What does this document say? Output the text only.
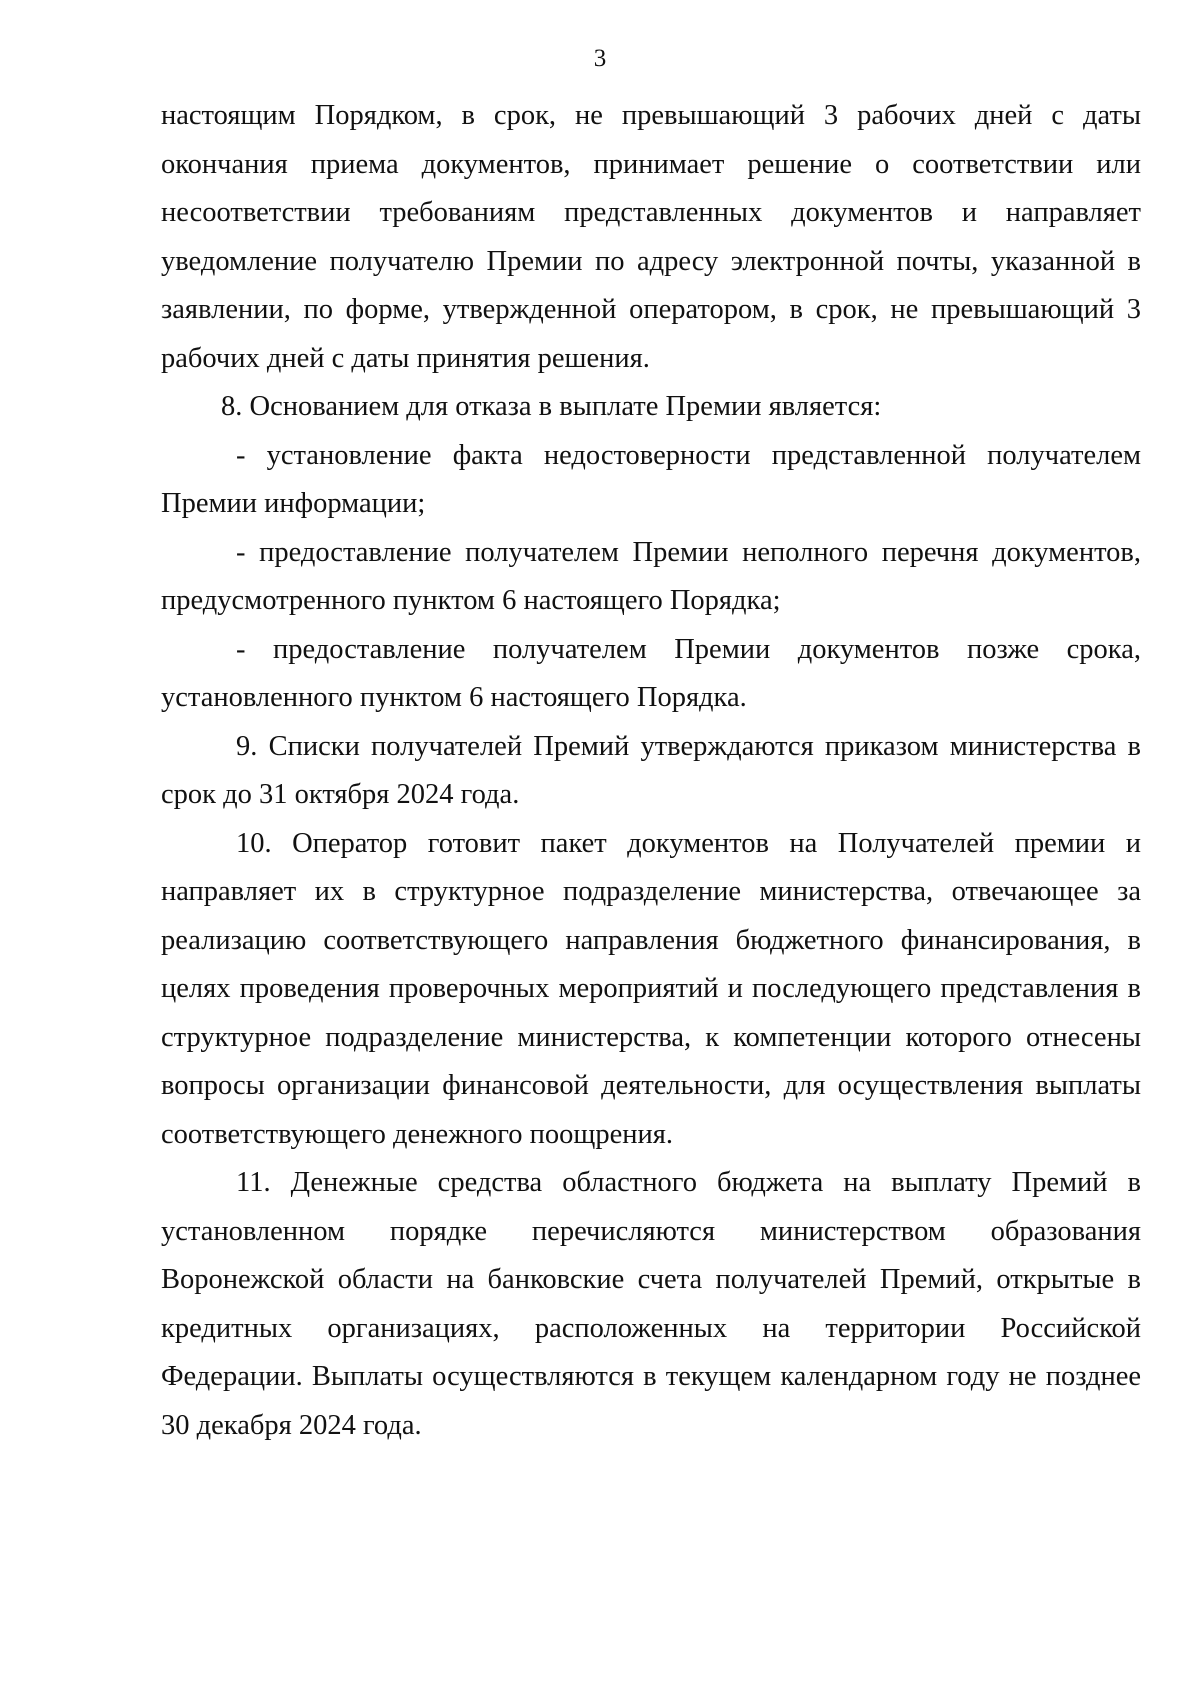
3

настоящим Порядком, в срок, не превышающий 3 рабочих дней с даты окончания приема документов, принимает решение о соответствии или несоответствии требованиям представленных документов и направляет уведомление получателю Премии по адресу электронной почты, указанной в заявлении, по форме, утвержденной оператором, в срок, не превышающий 3 рабочих дней с даты принятия решения.

8. Основанием для отказа в выплате Премии является:

- установление факта недостоверности представленной получателем Премии информации;

- предоставление получателем Премии неполного перечня документов, предусмотренного пунктом 6 настоящего Порядка;

- предоставление получателем Премии документов позже срока, установленного пунктом 6 настоящего Порядка.

9. Списки получателей Премий утверждаются приказом министерства в срок до 31 октября 2024 года.

10. Оператор готовит пакет документов на Получателей премии и направляет их в структурное подразделение министерства, отвечающее за реализацию соответствующего направления бюджетного финансирования, в целях проведения проверочных мероприятий и последующего представления в структурное подразделение министерства, к компетенции которого отнесены вопросы организации финансовой деятельности, для осуществления выплаты соответствующего денежного поощрения.

11. Денежные средства областного бюджета на выплату Премий в установленном порядке перечисляются министерством образования Воронежской области на банковские счета получателей Премий, открытые в кредитных организациях, расположенных на территории Российской Федерации. Выплаты осуществляются в текущем календарном году не позднее 30 декабря 2024 года.
